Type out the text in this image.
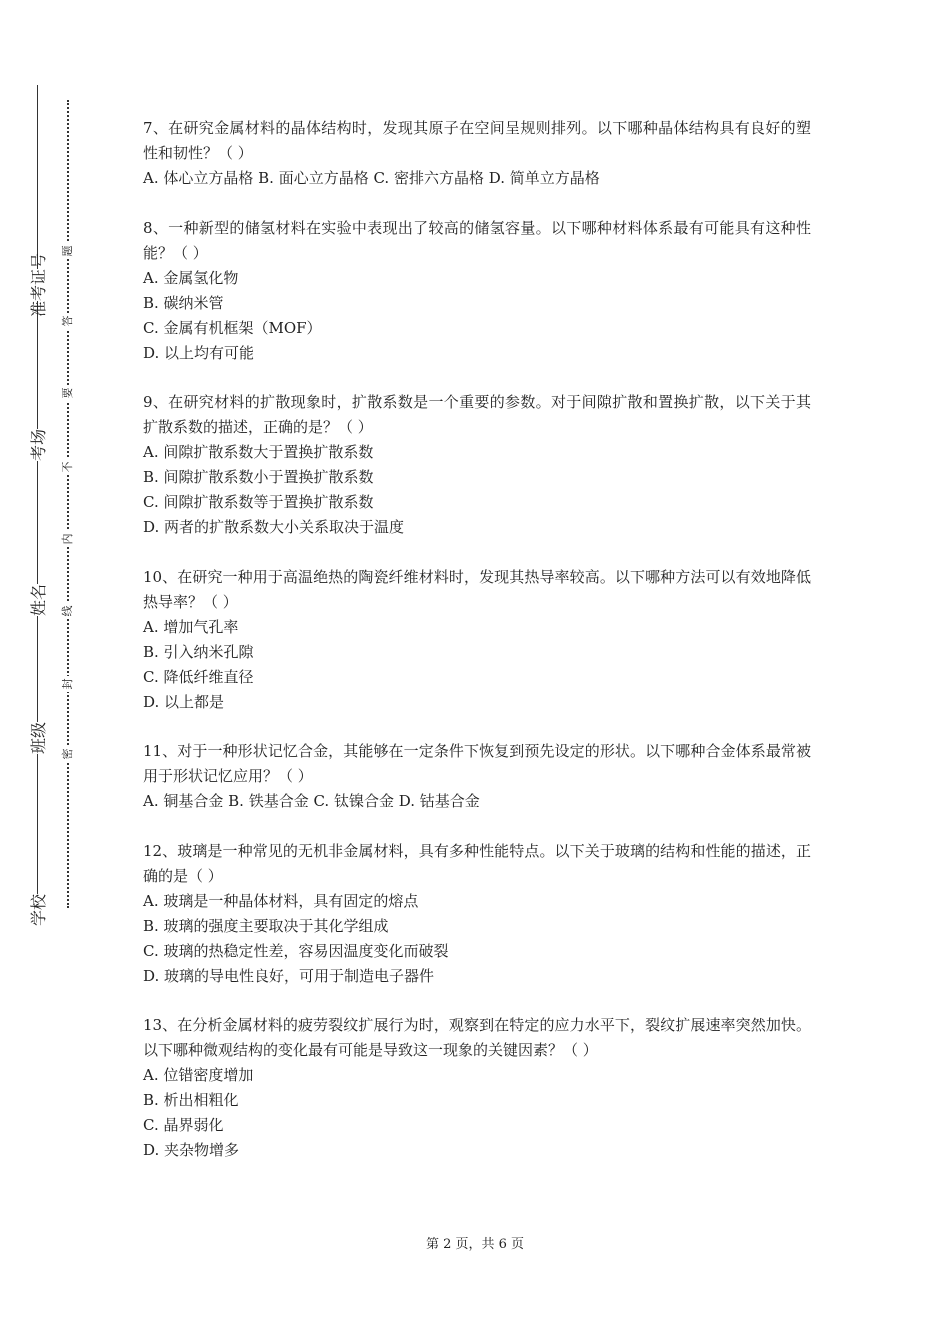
准考证号
考场
姓名
班级
学校
题
答
要
不
内
线
封
密
7、在研究金属材料的晶体结构时，发现其原子在空间呈规则排列。以下哪种晶体结构具有良好的塑性和韧性？（ ）
A. 体心立方晶格 B. 面心立方晶格 C. 密排六方晶格 D. 简单立方晶格
8、一种新型的储氢材料在实验中表现出了较高的储氢容量。以下哪种材料体系最有可能具有这种性能？（ ）
A. 金属氢化物
B. 碳纳米管
C. 金属有机框架（MOF）
D. 以上均有可能
9、在研究材料的扩散现象时，扩散系数是一个重要的参数。对于间隙扩散和置换扩散，以下关于其扩散系数的描述，正确的是？（ ）
A. 间隙扩散系数大于置换扩散系数
B. 间隙扩散系数小于置换扩散系数
C. 间隙扩散系数等于置换扩散系数
D. 两者的扩散系数大小关系取决于温度
10、在研究一种用于高温绝热的陶瓷纤维材料时，发现其热导率较高。以下哪种方法可以有效地降低热导率？（ ）
A. 增加气孔率
B. 引入纳米孔隙
C. 降低纤维直径
D. 以上都是
11、对于一种形状记忆合金，其能够在一定条件下恢复到预先设定的形状。以下哪种合金体系最常被用于形状记忆应用？（ ）
A. 铜基合金 B. 铁基合金 C. 钛镍合金 D. 钴基合金
12、玻璃是一种常见的无机非金属材料，具有多种性能特点。以下关于玻璃的结构和性能的描述，正确的是（ ）
A. 玻璃是一种晶体材料，具有固定的熔点
B. 玻璃的强度主要取决于其化学组成
C. 玻璃的热稳定性差，容易因温度变化而破裂
D. 玻璃的导电性良好，可用于制造电子器件
13、在分析金属材料的疲劳裂纹扩展行为时，观察到在特定的应力水平下，裂纹扩展速率突然加快。以下哪种微观结构的变化最有可能是导致这一现象的关键因素？（ ）
A. 位错密度增加
B. 析出相粗化
C. 晶界弱化
D. 夹杂物增多
第 2 页，共 6 页
